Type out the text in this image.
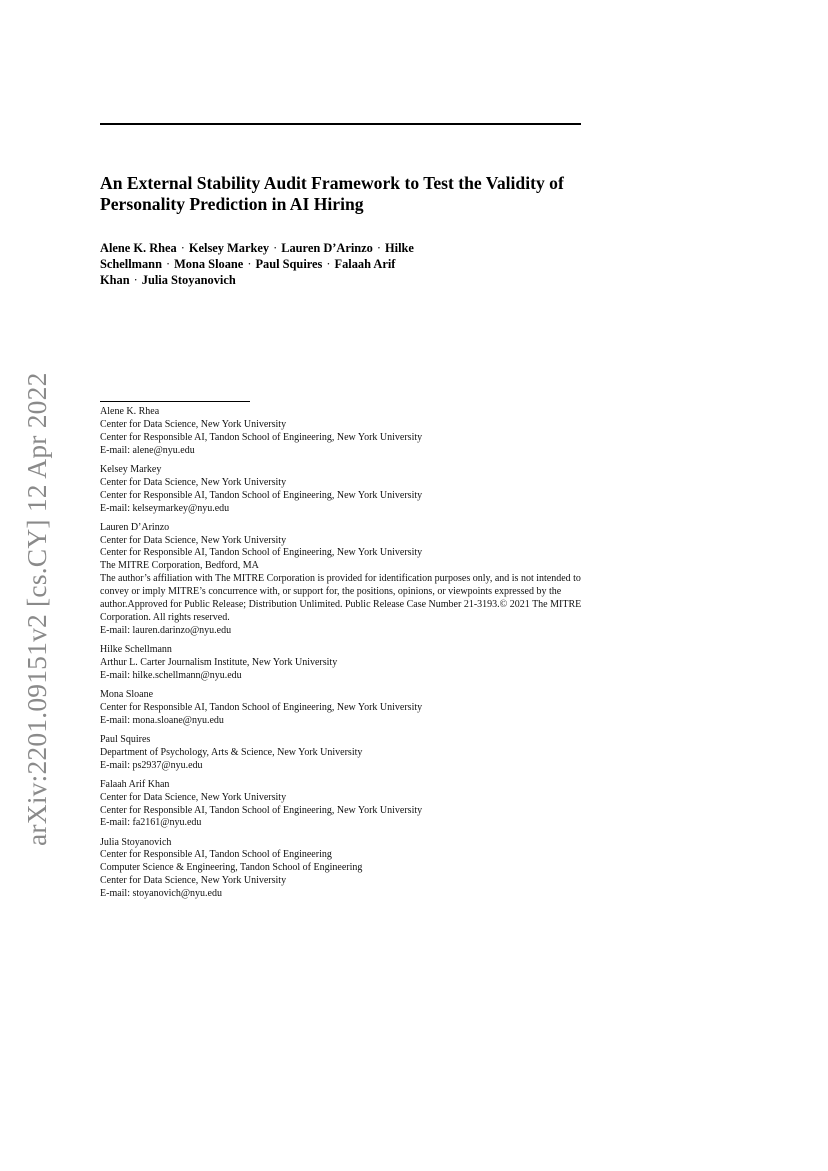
An External Stability Audit Framework to Test the Validity of Personality Prediction in AI Hiring

Alene K. Rhea · Kelsey Markey · Lauren D’Arinzo · Hilke Schellmann · Mona Sloane · Paul Squires · Falaah Arif Khan · Julia Stoyanovich

arXiv:2201.09151v2 [cs.CY] 12 Apr 2022	Alene K. Rhea
Center for Data Science, New York University
Center for Responsible AI, Tandon School of Engineering, New York University
E-mail: alene@nyu.edu
Kelsey Markey
Center for Data Science, New York University
Center for Responsible AI, Tandon School of Engineering, New York University
E-mail: kelseymarkey@nyu.edu
Lauren D’Arinzo
Center for Data Science, New York University
Center for Responsible AI, Tandon School of Engineering, New York University
The MITRE Corporation, Bedford, MA
The author’s affiliation with The MITRE Corporation is provided for identification purposes only, and is not intended to convey or imply MITRE’s concurrence with, or support for, the positions, opinions, or viewpoints expressed by the author.Approved for Public Release; Distribution Unlimited. Public Release Case Number 21-3193.© 2021 The MITRE Corporation. All rights reserved.
E-mail: lauren.darinzo@nyu.edu
Hilke Schellmann
Arthur L. Carter Journalism Institute, New York University
E-mail: hilke.schellmann@nyu.edu
Mona Sloane
Center for Responsible AI, Tandon School of Engineering, New York University
E-mail: mona.sloane@nyu.edu
Paul Squires
Department of Psychology, Arts & Science, New York University
E-mail: ps2937@nyu.edu
Falaah Arif Khan
Center for Data Science, New York University
Center for Responsible AI, Tandon School of Engineering, New York University
E-mail: fa2161@nyu.edu
Julia Stoyanovich
Center for Responsible AI, Tandon School of Engineering
Computer Science & Engineering, Tandon School of Engineering
Center for Data Science, New York University
E-mail: stoyanovich@nyu.edu
